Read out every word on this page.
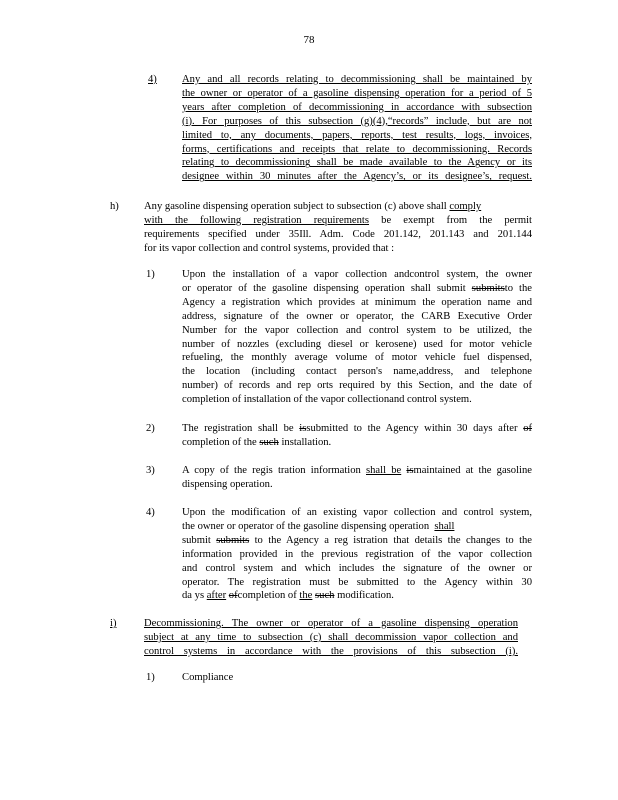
78
4) Any and all records relating to decommissioning shall be maintained by
the owner or operator of a gasoline dispensing operation for a period of 5
years after completion of decommissioning in accordance with subsection
(i). For purposes of this subsection (g)(4),“records” include, but are not
limited to, any documents, papers, reports, test results, logs, invoices,
forms, certifications and receipts that relate to decommissioning. Records
relating to decommissioning shall be made available to the Agency or its
designee within 30 minutes after the Agency’s, or its designee’s, request.
h) Any gasoline dispensing operation subject to subsection (c) above shall comply
with the following registration requirements be exempt from the permit
requirements specified under 35Ill. Adm. Code 201.142, 201.143 and 201.144
for its vapor collection and control systems, provided that :
1)	Upon the installation of a vapor collection andcontrol system, the owner
or operator of the gasoline dispensing operation shall submit submitsto the
Agency a registration which provides at minimum the operation name and
address, signature of the owner or operator, the CARB Executive Order
Number for the vapor collection and control system to be utilized, the
number of nozzles (excluding diesel or kerosene) used for motor vehicle
refueling, the monthly average volume of motor vehicle fuel dispensed,
the location (including contact person's name,address, and telephone
number) of records and rep orts required by this Section, and the date of
completion of installation of the vapor collectionand control system.
2)	The registration shall be issubmitted to the Agency within 30 days after of
completion of the such installation.
3)	A copy of the regis tration information shall be ismaintained at the gasoline
dispensing operation.
4)	Upon the modification of an existing vapor collection and control system,
the owner or operator of the gasoline dispensing operation shall
submit submits to the Agency a reg istration that details the changes to the
information provided in the previous registration of the vapor collection
and control system and which includes the signature of the owner or
operator. The registration must be submitted to the Agency within 30
da ys after ofcompletion of the such modification.
i)	Decommissioning. The owner or operator of a gasoline dispensing operation
subject at any time to subsection (c) shall decommission vapor collection and
control systems in accordance with the provisions of this subsection (i).
1)	Compliance
